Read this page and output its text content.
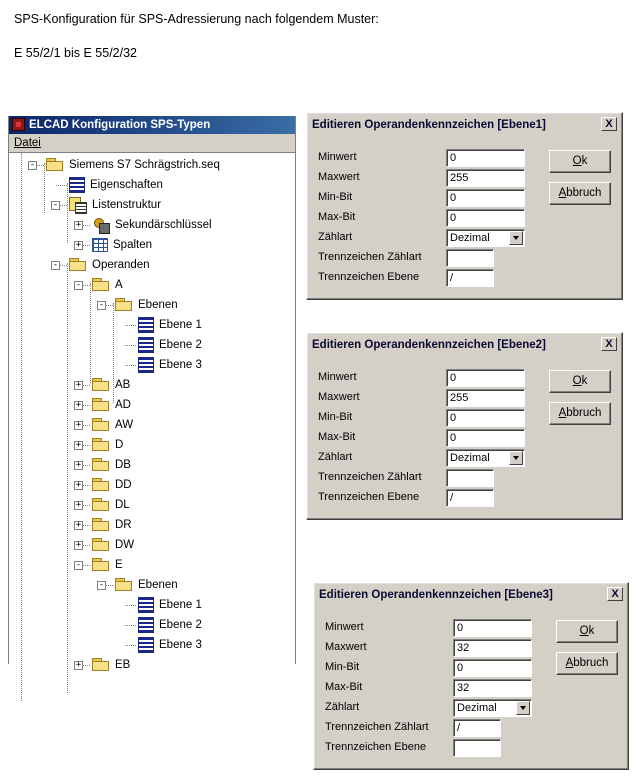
SPS-Konfiguration für SPS-Adressierung nach folgendem Muster:
E 55/2/1 bis E 55/2/32
ELCAD Konfiguration SPS-Typen
Datei
-	Siemens S7 Schrägstrich.seq
Eigenschaften
-	Listenstruktur
+	Sekundärschlüssel
+	Spalten
-	Operanden
-	A
-	Ebenen
Ebene 1
Ebene 2
Ebene 3
+	AB
+	AD
+	AW
+	D
+	DB
+	DD
+	DL
+	DR
+	DW
-	E
-	Ebenen
Ebene 1
Ebene 2
Ebene 3
+	EB
Editieren Operandenkennzeichen [Ebene1]	X
Minwert	0
Maxwert	255
Min-Bit	0
Max-Bit	0
Zählart	Dezimal
Trennzeichen Zählart
Trennzeichen Ebene	/
Ok
Abbruch
Editieren Operandenkennzeichen [Ebene2]	X
Minwert	0
Maxwert	255
Min-Bit	0
Max-Bit	0
Zählart	Dezimal
Trennzeichen Zählart
Trennzeichen Ebene	/
Ok
Abbruch
Editieren Operandenkennzeichen [Ebene3]	X
Minwert	0
Maxwert	32
Min-Bit	0
Max-Bit	32
Zählart	Dezimal
Trennzeichen Zählart	/
Trennzeichen Ebene
Ok
Abbruch
